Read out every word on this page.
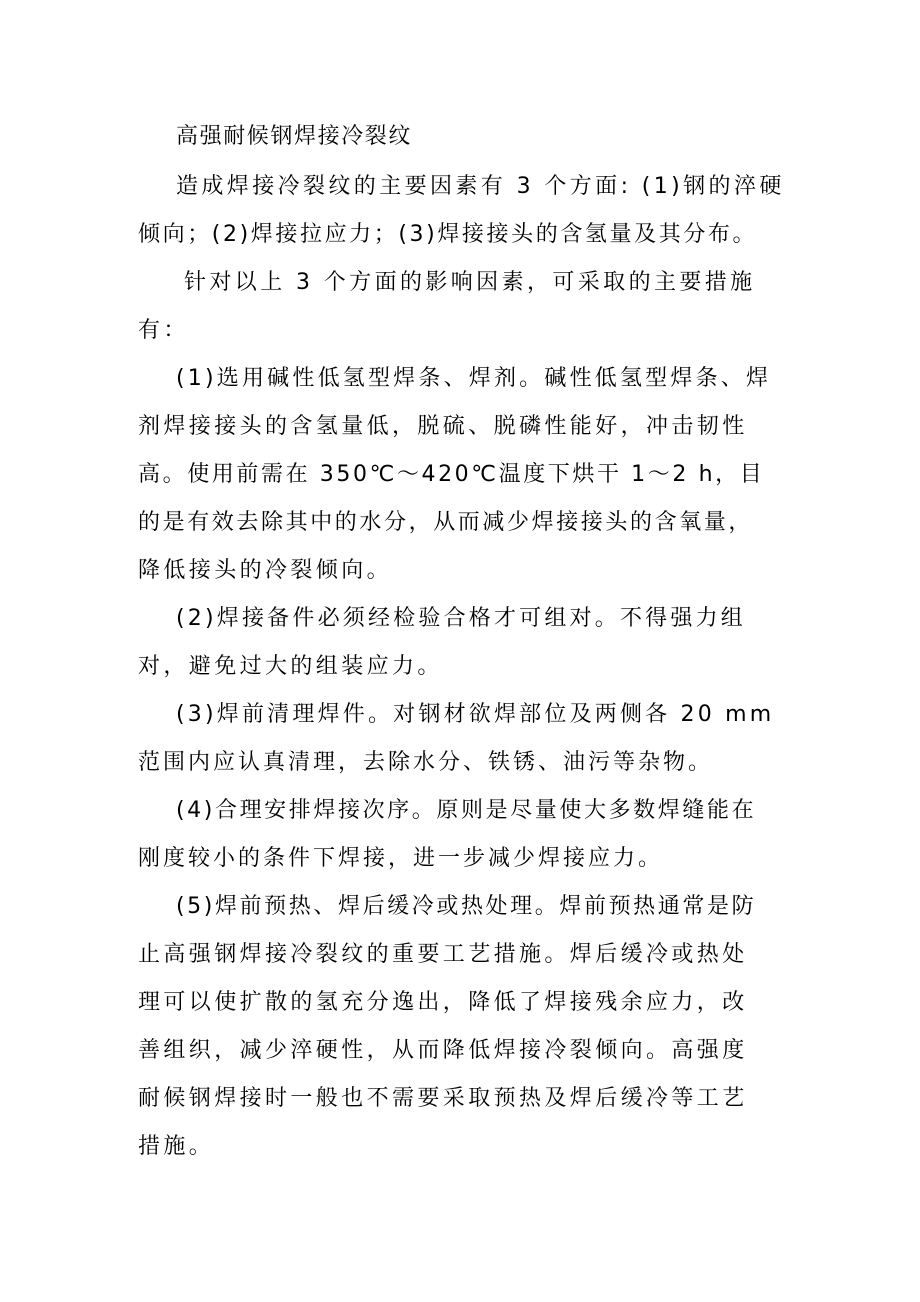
高强耐候钢焊接冷裂纹
造成焊接冷裂纹的主要因素有 3 个方面: (1)钢的淬硬
倾向；(2)焊接拉应力；(3)焊接接头的含氢量及其分布。
针对以上 3 个方面的影响因素，可采取的主要措施
有：
(1)选用碱性低氢型焊条、焊剂。碱性低氢型焊条、焊
剂焊接接头的含氢量低，脱硫、脱磷性能好，冲击韧性
高。使用前需在 350℃～420℃温度下烘干 1～2 h，目
的是有效去除其中的水分，从而减少焊接接头的含氧量，
降低接头的冷裂倾向。
(2)焊接备件必须经检验合格才可组对。不得强力组
对，避免过大的组装应力。
(3)焊前清理焊件。对钢材欲焊部位及两侧各 20 mm
范围内应认真清理，去除水分、铁锈、油污等杂物。
(4)合理安排焊接次序。原则是尽量使大多数焊缝能在
刚度较小的条件下焊接，进一步减少焊接应力。
(5)焊前预热、焊后缓冷或热处理。焊前预热通常是防
止高强钢焊接冷裂纹的重要工艺措施。焊后缓冷或热处
理可以使扩散的氢充分逸出，降低了焊接残余应力，改
善组织，减少淬硬性，从而降低焊接冷裂倾向。高强度
耐候钢焊接时一般也不需要采取预热及焊后缓冷等工艺
措施。
